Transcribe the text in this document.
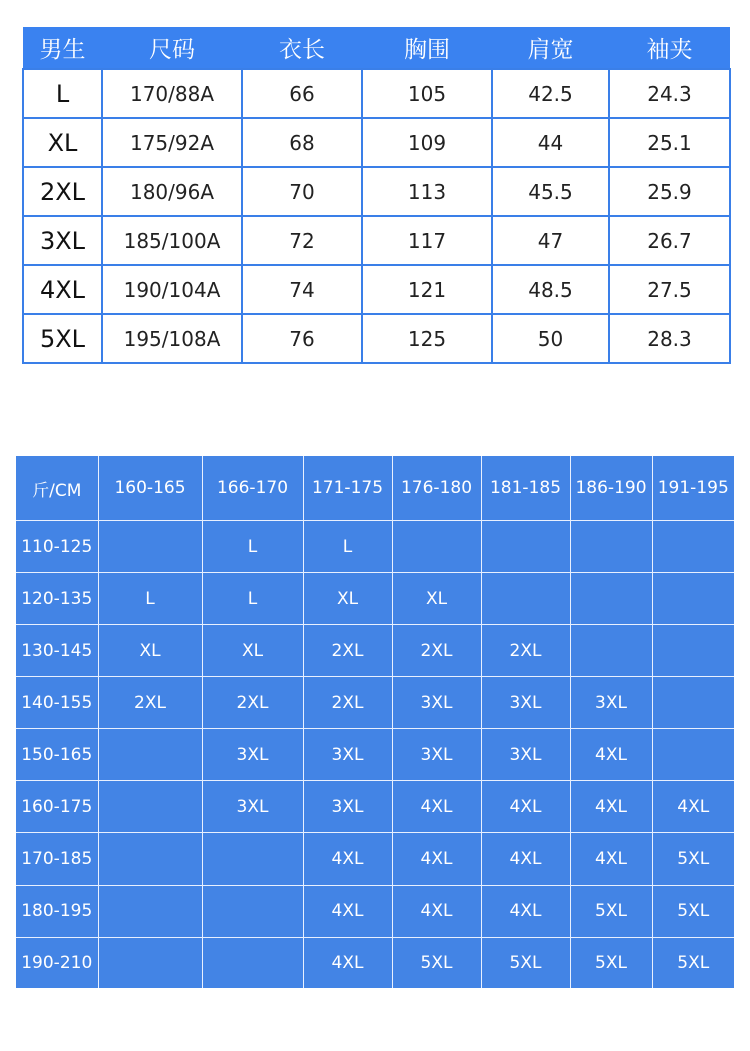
男生	尺码	衣长	胸围	肩宽	袖夹
L	170/88A	66	105	42.5	24.3
XL	175/92A	68	109	44	25.1
2XL	180/96A	70	113	45.5	25.9
3XL	185/100A	72	117	47	26.7
4XL	190/104A	74	121	48.5	27.5
5XL	195/108A	76	125	50	28.3
斤/CM	160-165	166-170	171-175	176-180	181-185	186-190	191-195
110-125		L	L				
120-135	L	L	XL	XL			
130-145	XL	XL	2XL	2XL	2XL		
140-155	2XL	2XL	2XL	3XL	3XL	3XL	
150-165		3XL	3XL	3XL	3XL	4XL	
160-175		3XL	3XL	4XL	4XL	4XL	4XL
170-185			4XL	4XL	4XL	4XL	5XL
180-195			4XL	4XL	4XL	5XL	5XL
190-210			4XL	5XL	5XL	5XL	5XL
